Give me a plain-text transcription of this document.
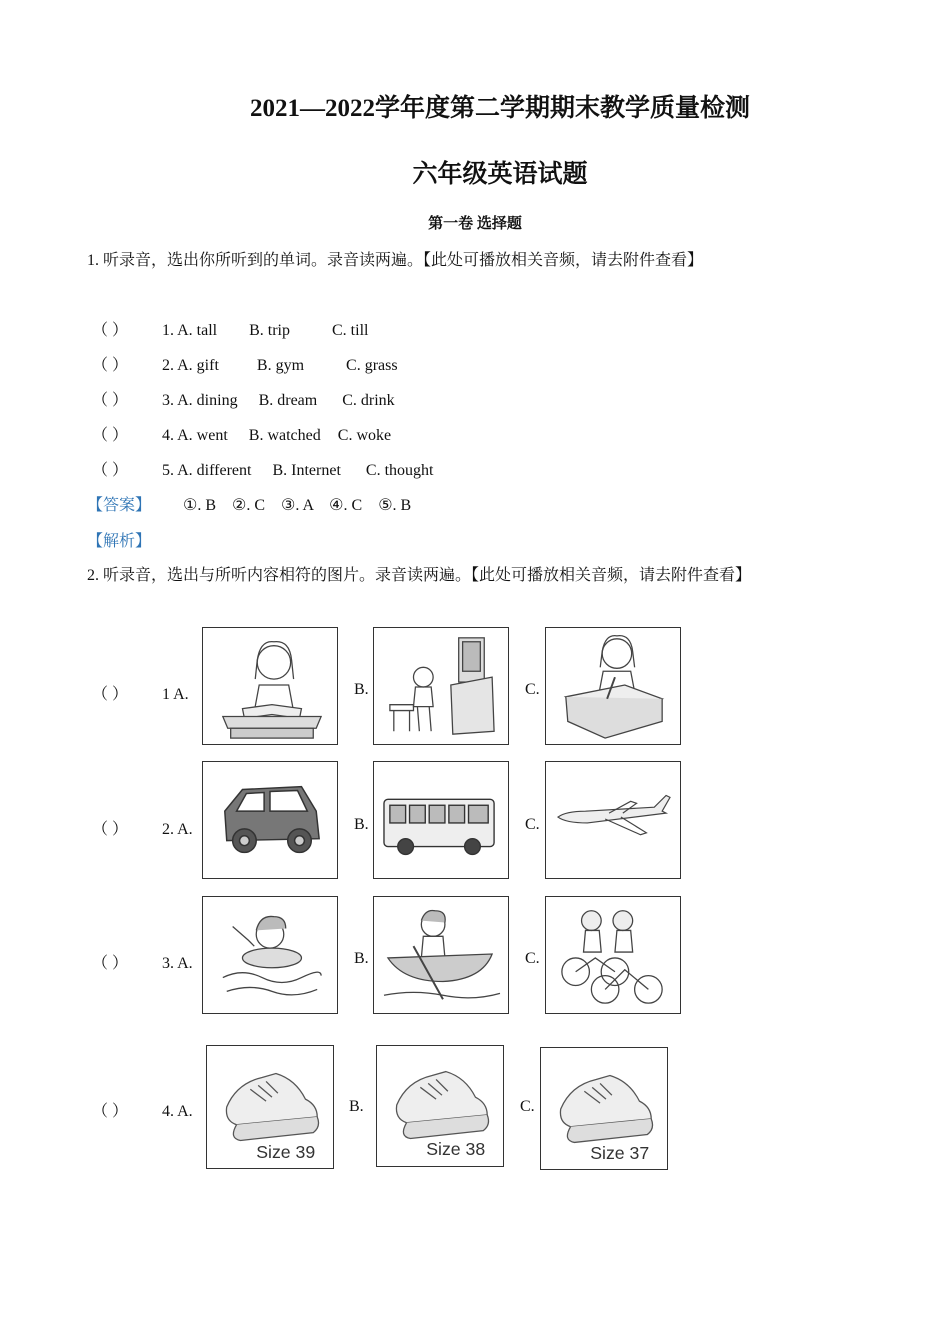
2021—2022学年度第二学期期末教学质量检测
六年级英语试题
第一卷 选择题
1. 听录音，选出你所听到的单词。录音读两遍。【此处可播放相关音频，请去附件查看】
（ ） 1. A. tall B. trip	C. till
（ ） 2. A. gift B. gym	C. grass
（ ） 3. A. dining B. dream C. drink
（ ） 4. A. went B. watched C. woke
（ ） 5. A. different B. Internet C. thought
【答案】 ①. B    ②. C    ③. A    ④. C    ⑤. B
【解析】
2. 听录音，选出与所听内容相符的图片。录音读两遍。【此处可播放相关音频，请去附件查看】
（ ） 1 A.	B.	C.
（ ） 2. A.	B.	C.
（ ） 3. A.	B.	C.
（ ） 4. A.	B.	C.
Size 39	Size 38	Size 37
